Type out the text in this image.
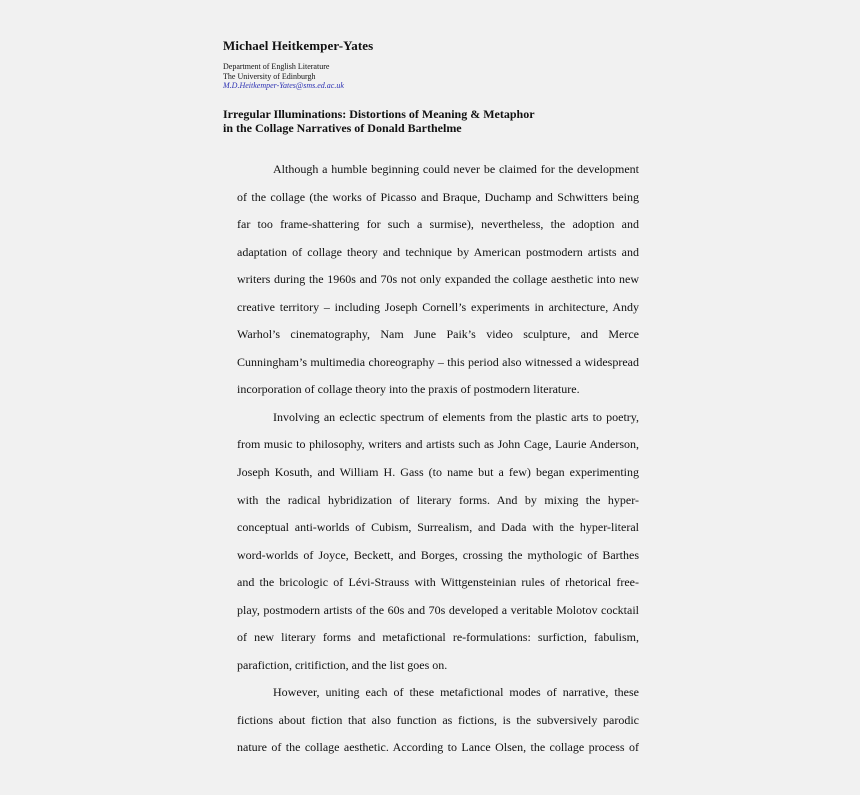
Michael Heitkemper-Yates
Department of English Literature
The University of Edinburgh
M.D.Heitkemper-Yates@sms.ed.ac.uk
Irregular Illuminations: Distortions of Meaning & Metaphor
in the Collage Narratives of Donald Barthelme
Although a humble beginning could never be claimed for the development
of the collage (the works of Picasso and Braque, Duchamp and Schwitters being
far too frame-shattering for such a surmise), nevertheless, the adoption and
adaptation of collage theory and technique by American postmodern artists and
writers during the 1960s and 70s not only expanded the collage aesthetic into new
creative territory – including Joseph Cornell’s experiments in architecture, Andy
Warhol’s cinematography, Nam June Paik’s video sculpture, and Merce
Cunningham’s multimedia choreography – this period also witnessed a widespread
incorporation of collage theory into the praxis of postmodern literature.
Involving an eclectic spectrum of elements from the plastic arts to poetry,
from music to philosophy, writers and artists such as John Cage, Laurie Anderson,
Joseph Kosuth, and William H. Gass (to name but a few) began experimenting
with the radical hybridization of literary forms. And by mixing the hyper-
conceptual anti-worlds of Cubism, Surrealism, and Dada with the hyper-literal
word-worlds of Joyce, Beckett, and Borges, crossing the mythologic of Barthes
and the bricologic of Lévi-Strauss with Wittgensteinian rules of rhetorical free-
play, postmodern artists of the 60s and 70s developed a veritable Molotov cocktail
of new literary forms and metafictional re-formulations: surfiction, fabulism,
parafiction, critifiction, and the list goes on.
However, uniting each of these metafictional modes of narrative, these
fictions about fiction that also function as fictions, is the subversively parodic
nature of the collage aesthetic. According to Lance Olsen, the collage process of
